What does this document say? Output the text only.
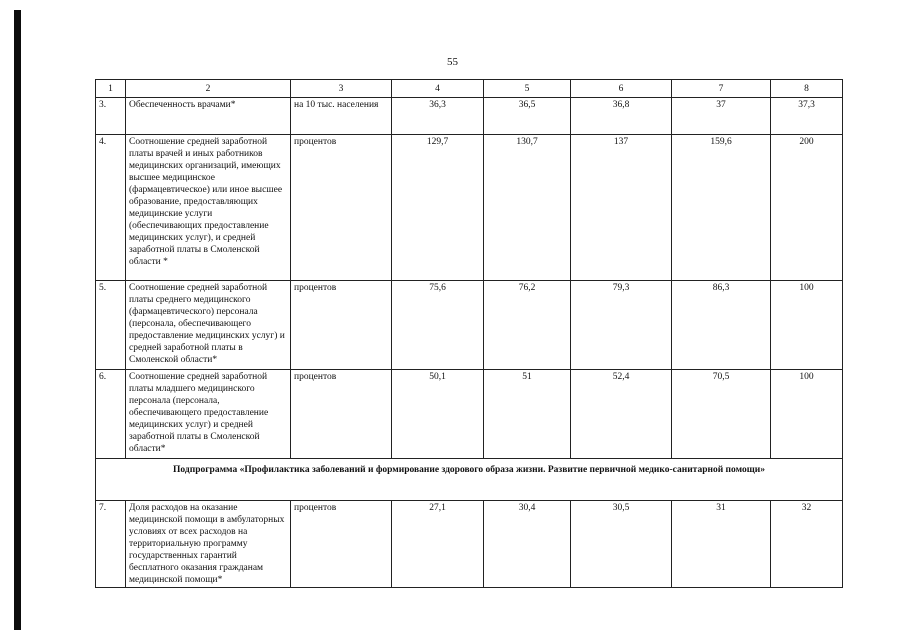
55
1	2	3	4	5	6	7	8
3.	Обеспеченность врачами*	на 10 тыс. населения	36,3	36,5	36,8	37	37,3
4.	Соотношение средней заработной платы врачей и иных работников медицинских организаций, имеющих высшее медицинское (фармацевтическое) или иное высшее образование, предоставляющих медицинские услуги (обеспечивающих предоставление медицинских услуг), и средней заработной платы в Смоленской области *	процентов	129,7	130,7	137	159,6	200
5.	Соотношение средней заработной платы среднего медицинского (фармацевтического) персонала (персонала, обеспечивающего предоставление медицинских услуг) и средней заработной платы в Смоленской области*	процентов	75,6	76,2	79,3	86,3	100
6.	Соотношение средней заработной платы младшего медицинского персонала (персонала, обеспечивающего предоставление медицинских услуг) и средней заработной платы в Смоленской области*	процентов	50,1	51	52,4	70,5	100
Подпрограмма «Профилактика заболеваний и формирование здорового образа жизни. Развитие первичной медико-санитарной помощи»							
7.	Доля расходов на оказание медицинской помощи в амбулаторных условиях от всех расходов на территориальную программу государственных гарантий бесплатного оказания гражданам медицинской помощи*	процентов	27,1	30,4	30,5	31	32
